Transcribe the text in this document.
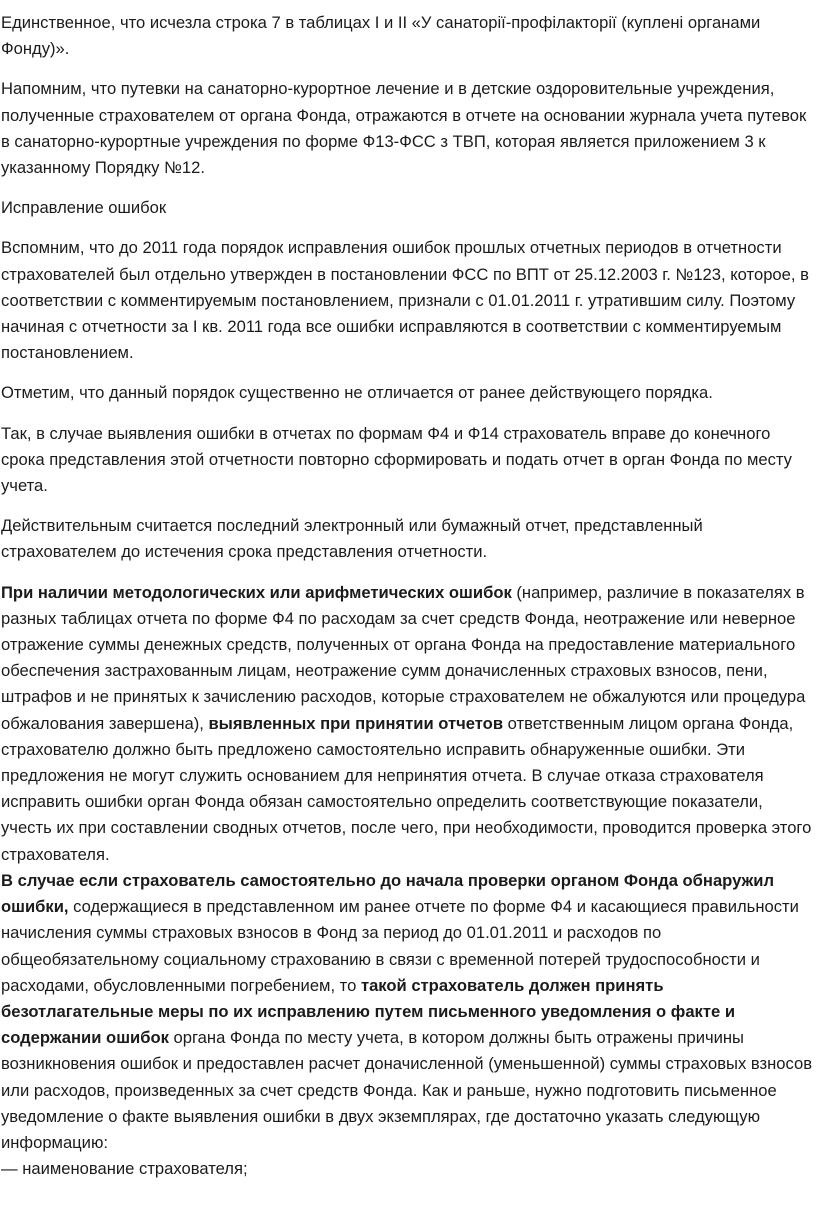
Единственное, что исчезла строка 7 в таблицах І и ІІ «У санаторії-профілакторії (куплені органами Фонду)».

Напомним, что путевки на санаторно-курортное лечение и в детские оздоровительные учреждения, полученные страхователем от органа Фонда, отражаются в отчете на основании журнала учета путевок в санаторно-курортные учреждения по форме Ф13-ФСС з ТВП, которая является приложением 3 к указанному Порядку №12.

Исправление ошибок

Вспомним, что до 2011 года порядок исправления ошибок прошлых отчетных периодов в отчетности страхователей был отдельно утвержден в постановлении ФСС по ВПТ от 25.12.2003 г. №123, которое, в соответствии с комментируемым постановлением, признали с 01.01.2011 г. утратившим силу. Поэтому начиная с отчетности за I кв. 2011 года все ошибки исправляются в соответствии с комментируемым постановлением.

Отметим, что данный порядок существенно не отличается от ранее действующего порядка.

Так, в случае выявления ошибки в отчетах по формам Ф4 и Ф14 страхователь вправе до конечного срока представления этой отчетности повторно сформировать и подать отчет в орган Фонда по месту учета.

Действительным считается последний электронный или бумажный отчет, представленный страхователем до истечения срока представления отчетности.

При наличии методологических или арифметических ошибок (например, различие в показателях в разных таблицах отчета по форме Ф4 по расходам за счет средств Фонда, неотражение или неверное отражение суммы денежных средств, полученных от органа Фонда на предоставление материального обеспечения застрахованным лицам, неотражение сумм доначисленных страховых взносов, пени, штрафов и не принятых к зачислению расходов, которые страхователем не обжалуются или процедура обжалования завершена), выявленных при принятии отчетов ответственным лицом органа Фонда, страхователю должно быть предложено самостоятельно исправить обнаруженные ошибки. Эти предложения не могут служить основанием для непринятия отчета. В случае отказа страхователя исправить ошибки орган Фонда обязан самостоятельно определить соответствующие показатели, учесть их при составлении сводных отчетов, после чего, при необходимости, проводится проверка этого страхователя.

В случае если страхователь самостоятельно до начала проверки органом Фонда обнаружил ошибки, содержащиеся в представленном им ранее отчете по форме Ф4 и касающиеся правильности начисления суммы страховых взносов в Фонд за период до 01.01.2011 и расходов по общеобязательному социальному страхованию в связи с временной потерей трудоспособности и расходами, обусловленными погребением, то такой страхователь должен принять безотлагательные меры по их исправлению путем письменного уведомления о факте и содержании ошибок органа Фонда по месту учета, в котором должны быть отражены причины возникновения ошибок и предоставлен расчет доначисленной (уменьшенной) суммы страховых взносов или расходов, произведенных за счет средств Фонда. Как и раньше, нужно подготовить письменное уведомление о факте выявления ошибки в двух экземплярах, где достаточно указать следующую информацию:

— наименование страхователя;
